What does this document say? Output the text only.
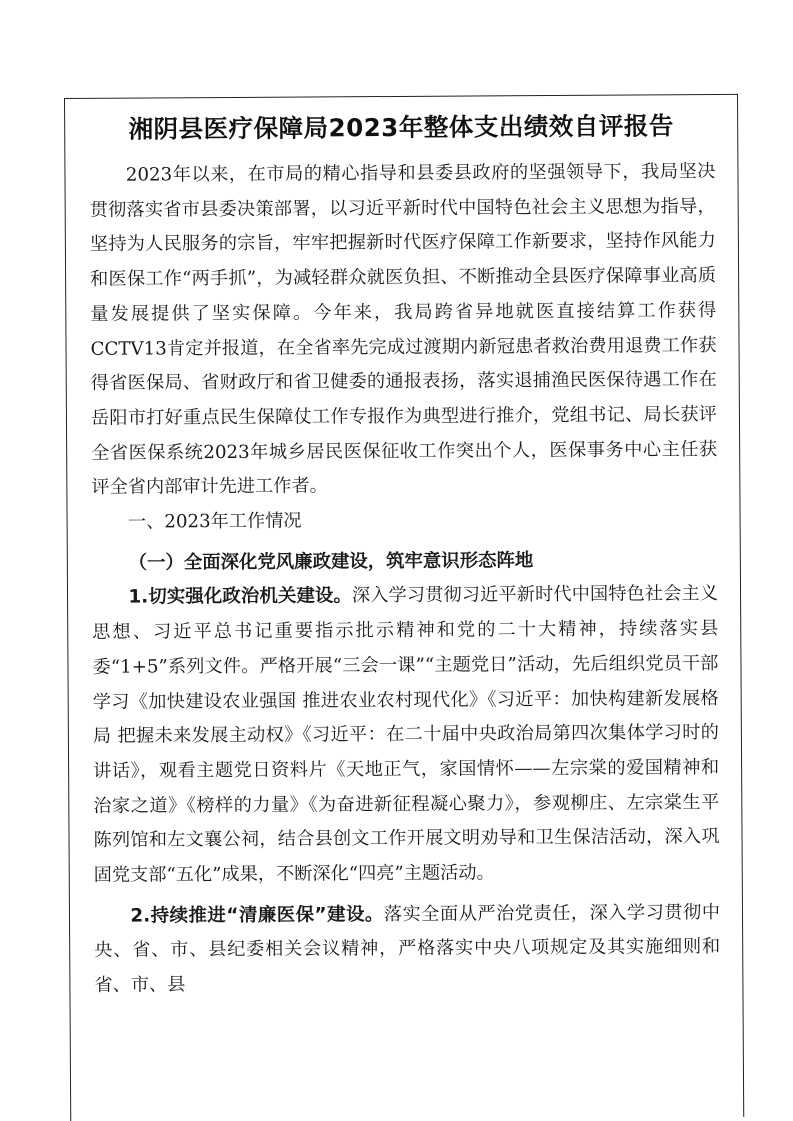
湘阴县医疗保障局2023年整体支出绩效自评报告

2023年以来，在市局的精心指导和县委县政府的坚强领导下，我局坚决贯彻落实省市县委决策部署，以习近平新时代中国特色社会主义思想为指导，坚持为人民服务的宗旨，牢牢把握新时代医疗保障工作新要求，坚持作风能力和医保工作“两手抓”，为减轻群众就医负担、不断推动全县医疗保障事业高质量发展提供了坚实保障。今年来，我局跨省异地就医直接结算工作获得CCTV13肯定并报道，在全省率先完成过渡期内新冠患者救治费用退费工作获得省医保局、省财政厅和省卫健委的通报表扬，落实退捕渔民医保待遇工作在岳阳市打好重点民生保障仗工作专报作为典型进行推介，党组书记、局长获评全省医保系统2023年城乡居民医保征收工作突出个人，医保事务中心主任获评全省内部审计先进工作者。

一、2023年工作情况

（一）全面深化党风廉政建设，筑牢意识形态阵地

1.切实强化政治机关建设。深入学习贯彻习近平新时代中国特色社会主义思想、习近平总书记重要指示批示精神和党的二十大精神，持续落实县委“1+5”系列文件。严格开展“三会一课”“主题党日”活动，先后组织党员干部学习《加快建设农业强国 推进农业农村现代化》《习近平：加快构建新发展格局 把握未来发展主动权》《习近平：在二十届中央政治局第四次集体学习时的讲话》，观看主题党日资料片《天地正气，家国情怀——左宗棠的爱国精神和治家之道》《榜样的力量》《为奋进新征程凝心聚力》，参观柳庄、左宗棠生平陈列馆和左文襄公祠，结合县创文工作开展文明劝导和卫生保洁活动，深入巩固党支部“五化”成果，不断深化“四亮”主题活动。

2.持续推进“清廉医保”建设。落实全面从严治党责任，深入学习贯彻中央、省、市、县纪委相关会议精神，严格落实中央八项规定及其实施细则和省、市、县
